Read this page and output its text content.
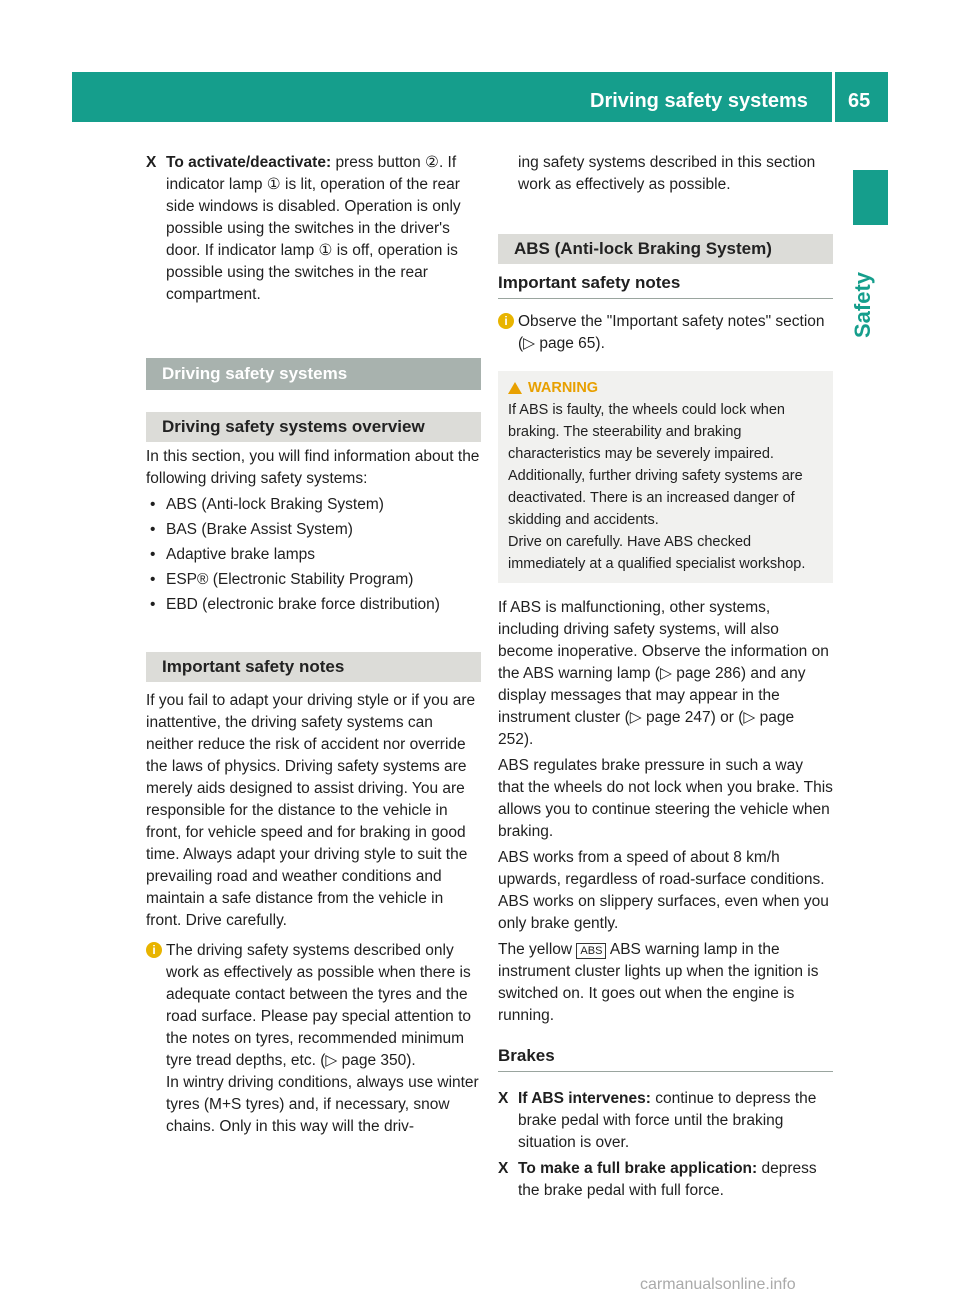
Driving safety systems 65
Safety
X To activate/deactivate: press button ②. If indicator lamp ① is lit, operation of the rear side windows is disabled. Operation is only possible using the switches in the driver's door. If indicator lamp ① is off, operation is possible using the switches in the rear compartment.
Driving safety systems
Driving safety systems overview

In this section, you will find information about the following driving safety systems:

• ABS (Anti-lock Braking System)
• BAS (Brake Assist System)
• Adaptive brake lamps
• ESP® (Electronic Stability Program)
• EBD (electronic brake force distribution)
Important safety notes

If you fail to adapt your driving style or if you are inattentive, the driving safety systems can neither reduce the risk of accident nor override the laws of physics. Driving safety systems are merely aids designed to assist driving. You are responsible for the distance to the vehicle in front, for vehicle speed and for braking in good time. Always adapt your driving style to suit the prevailing road and weather conditions and maintain a safe distance from the vehicle in front. Drive carefully.

i The driving safety systems described only work as effectively as possible when there is adequate contact between the tyres and the road surface. Please pay special attention to the notes on tyres, recommended minimum tyre tread depths, etc. (▷ page 350).

In wintry driving conditions, always use winter tyres (M+S tyres) and, if necessary, snow chains. Only in this way will the driv-

ing safety systems described in this section work as effectively as possible.

ABS (Anti-lock Braking System)
Important safety notes
i Observe the "Important safety notes" section (▷ page 65).

WARNING

If ABS is faulty, the wheels could lock when braking. The steerability and braking characteristics may be severely impaired. Additionally, further driving safety systems are deactivated. There is an increased danger of skidding and accidents.

Drive on carefully. Have ABS checked immediately at a qualified specialist workshop.

If ABS is malfunctioning, other systems, including driving safety systems, will also become inoperative. Observe the information on the ABS warning lamp (▷ page 286) and any display messages that may appear in the instrument cluster (▷ page 247) or (▷ page 252).

ABS regulates brake pressure in such a way that the wheels do not lock when you brake. This allows you to continue steering the vehicle when braking.

ABS works from a speed of about 8 km/h upwards, regardless of road-surface conditions. ABS works on slippery surfaces, even when you only brake gently.

The yellow ABS ABS warning lamp in the instrument cluster lights up when the ignition is switched on. It goes out when the engine is running.

Brakes
X If ABS intervenes: continue to depress the brake pedal with force until the braking situation is over.
X To make a full brake application: depress the brake pedal with full force.
carmanualsonline.info
